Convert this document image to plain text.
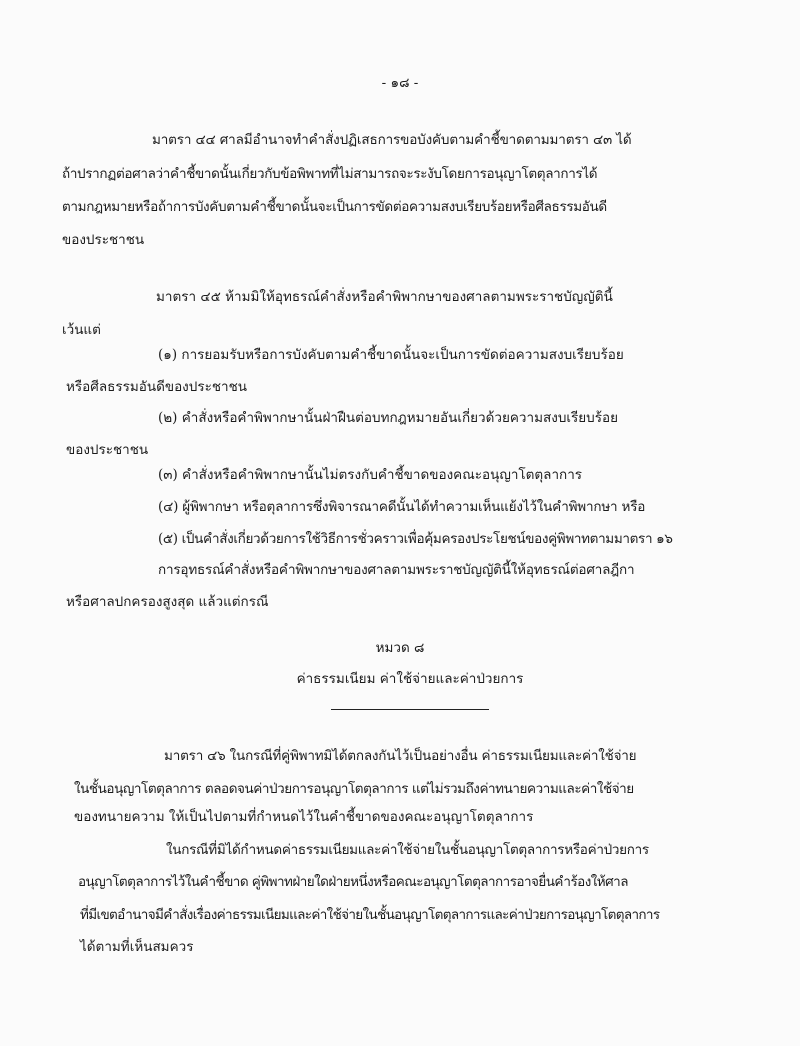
- ๑๘ -
มาตรา ๔๔ ศาลมีอำนาจทำคำสั่งปฏิเสธการขอบังคับตามคำชี้ขาดตามมาตรา ๔๓ ได้
ถ้าปรากฏต่อศาลว่าคำชี้ขาดนั้นเกี่ยวกับข้อพิพาทที่ไม่สามารถจะระงับโดยการอนุญาโตตุลาการได้
ตามกฎหมายหรือถ้าการบังคับตามคำชี้ขาดนั้นจะเป็นการขัดต่อความสงบเรียบร้อยหรือศีลธรรมอันดี
ของประชาชน
มาตรา ๔๕ ห้ามมิให้อุทธรณ์คำสั่งหรือคำพิพากษาของศาลตามพระราชบัญญัตินี้
เว้นแต่
(๑) การยอมรับหรือการบังคับตามคำชี้ขาดนั้นจะเป็นการขัดต่อความสงบเรียบร้อย
หรือศีลธรรมอันดีของประชาชน
(๒) คำสั่งหรือคำพิพากษานั้นฝ่าฝืนต่อบทกฎหมายอันเกี่ยวด้วยความสงบเรียบร้อย
ของประชาชน
(๓) คำสั่งหรือคำพิพากษานั้นไม่ตรงกับคำชี้ขาดของคณะอนุญาโตตุลาการ
(๔) ผู้พิพากษา หรือตุลาการซึ่งพิจารณาคดีนั้นได้ทำความเห็นแย้งไว้ในคำพิพากษา หรือ
(๕) เป็นคำสั่งเกี่ยวด้วยการใช้วิธีการชั่วคราวเพื่อคุ้มครองประโยชน์ของคู่พิพาทตามมาตรา ๑๖
การอุทธรณ์คำสั่งหรือคำพิพากษาของศาลตามพระราชบัญญัตินี้ให้อุทธรณ์ต่อศาลฎีกา
หรือศาลปกครองสูงสุด แล้วแต่กรณี
หมวด ๘
ค่าธรรมเนียม ค่าใช้จ่ายและค่าป่วยการ
มาตรา ๔๖ ในกรณีที่คู่พิพาทมิได้ตกลงกันไว้เป็นอย่างอื่น ค่าธรรมเนียมและค่าใช้จ่าย
ในชั้นอนุญาโตตุลาการ ตลอดจนค่าป่วยการอนุญาโตตุลาการ แต่ไม่รวมถึงค่าทนายความและค่าใช้จ่าย
ของทนายความ ให้เป็นไปตามที่กำหนดไว้ในคำชี้ขาดของคณะอนุญาโตตุลาการ
ในกรณีที่มิได้กำหนดค่าธรรมเนียมและค่าใช้จ่ายในชั้นอนุญาโตตุลาการหรือค่าป่วยการ
อนุญาโตตุลาการไว้ในคำชี้ขาด คู่พิพาทฝ่ายใดฝ่ายหนึ่งหรือคณะอนุญาโตตุลาการอาจยื่นคำร้องให้ศาล
ที่มีเขตอำนาจมีคำสั่งเรื่องค่าธรรมเนียมและค่าใช้จ่ายในชั้นอนุญาโตตุลาการและค่าป่วยการอนุญาโตตุลาการ
ได้ตามที่เห็นสมควร
